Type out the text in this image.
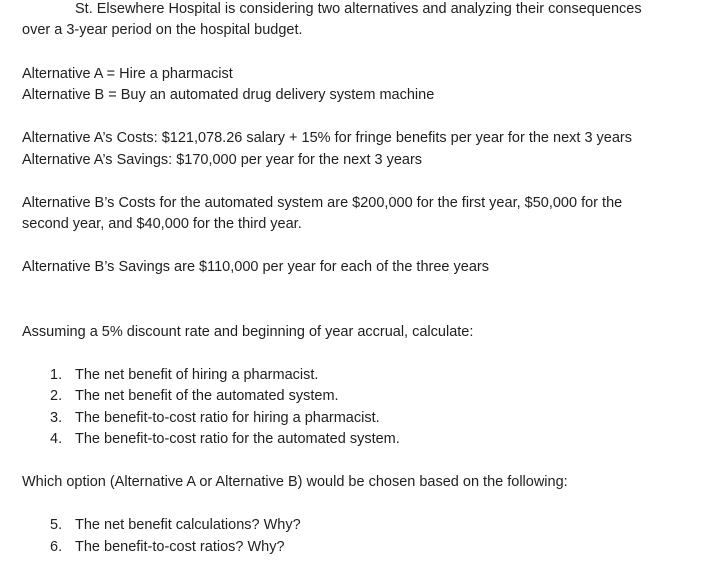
St. Elsewhere Hospital is considering two alternatives and analyzing their consequences
over a 3-year period on the hospital budget.
Alternative A = Hire a pharmacist
Alternative B = Buy an automated drug delivery system machine
Alternative A’s Costs: $121,078.26 salary + 15% for fringe benefits per year for the next 3 years
Alternative A’s Savings: $170,000 per year for the next 3 years
Alternative B’s Costs for the automated system are $200,000 for the first year, $50,000 for the
second year, and $40,000 for the third year.
Alternative B’s Savings are $110,000 per year for each of the three years
Assuming a 5% discount rate and beginning of year accrual, calculate:
1. The net benefit of hiring a pharmacist.
2. The net benefit of the automated system.
3. The benefit-to-cost ratio for hiring a pharmacist.
4. The benefit-to-cost ratio for the automated system.
Which option (Alternative A or Alternative B) would be chosen based on the following:
5. The net benefit calculations? Why?
6. The benefit-to-cost ratios? Why?
